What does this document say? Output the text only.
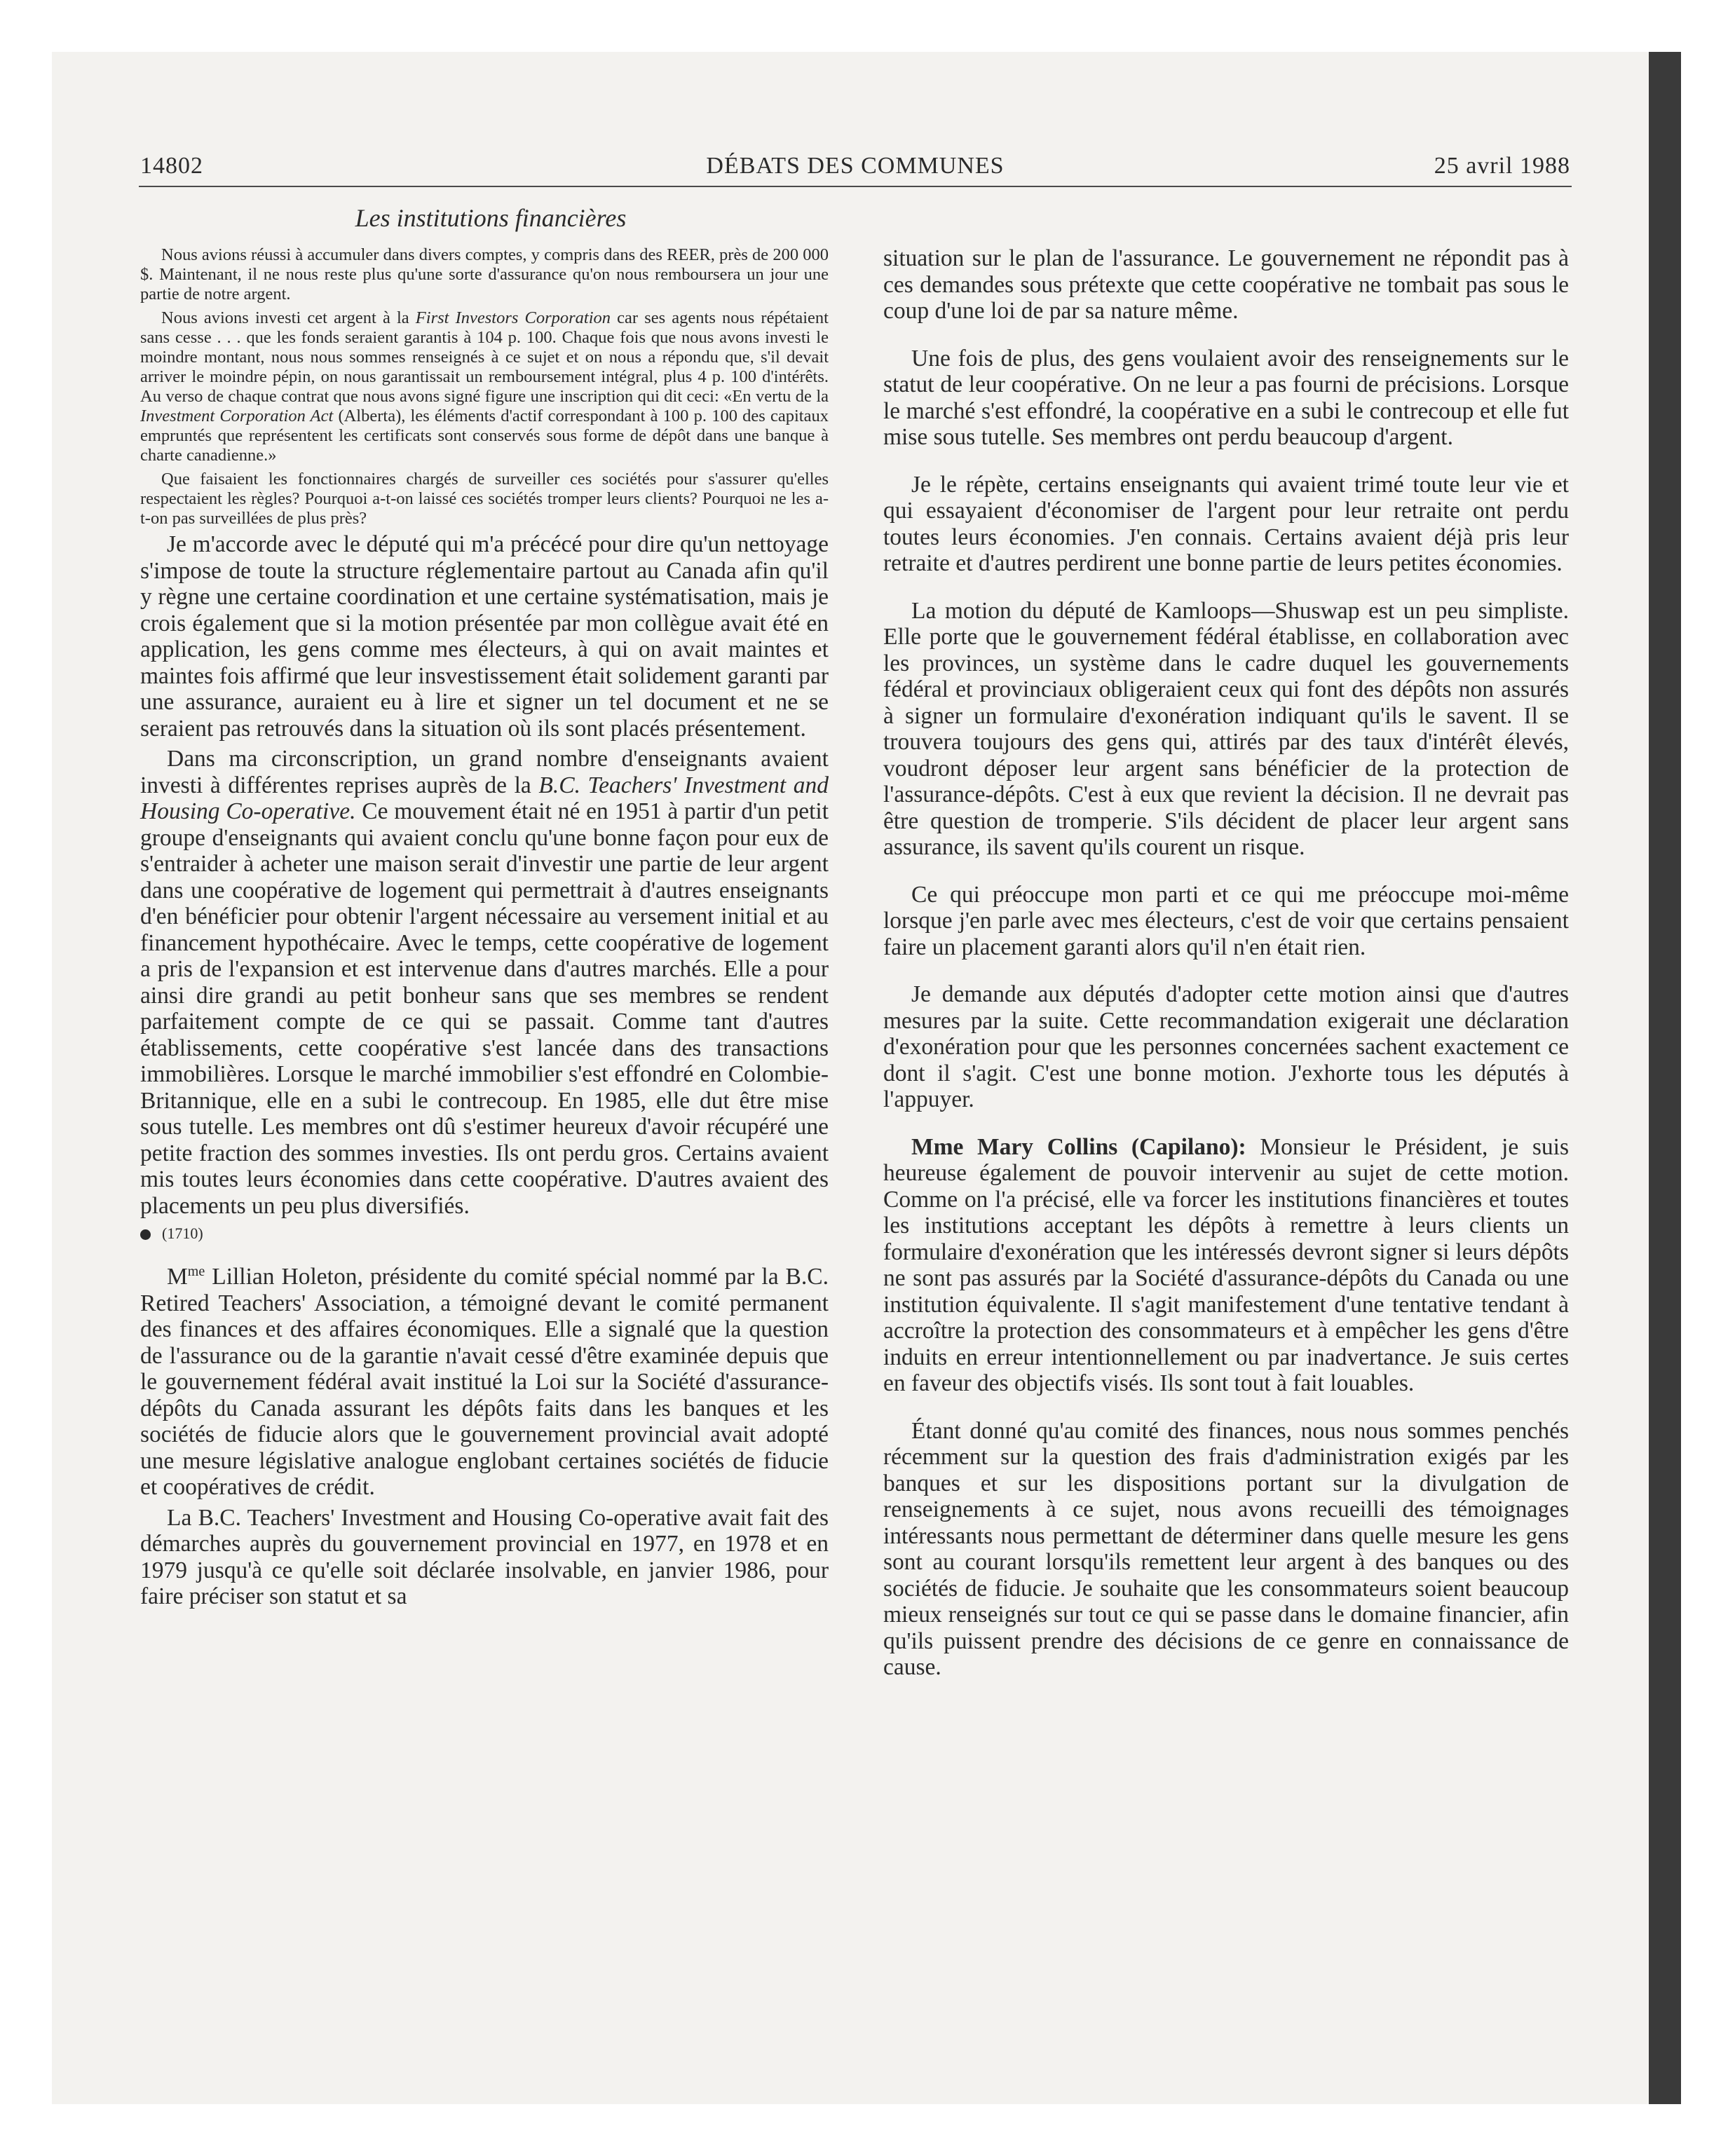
14802	DÉBATS DES COMMUNES	25 avril 1988
Les institutions financières

Nous avions réussi à accumuler dans divers comptes, y compris dans des REER, près de 200 000 $. Maintenant, il ne nous reste plus qu'une sorte d'assurance qu'on nous remboursera un jour une partie de notre argent.

Nous avions investi cet argent à la First Investors Corporation car ses agents nous répétaient sans cesse . . . que les fonds seraient garantis à 104 p. 100. Chaque fois que nous avons investi le moindre montant, nous nous sommes renseignés à ce sujet et on nous a répondu que, s'il devait arriver le moindre pépin, on nous garantissait un remboursement intégral, plus 4 p. 100 d'intérêts. Au verso de chaque contrat que nous avons signé figure une inscription qui dit ceci: «En vertu de la Investment Corporation Act (Alberta), les éléments d'actif correspondant à 100 p. 100 des capitaux empruntés que représentent les certificats sont conservés sous forme de dépôt dans une banque à charte canadienne.»

Que faisaient les fonctionnaires chargés de surveiller ces sociétés pour s'assurer qu'elles respectaient les règles? Pourquoi a-t-on laissé ces sociétés tromper leurs clients? Pourquoi ne les a-t-on pas surveillées de plus près?

Je m'accorde avec le député qui m'a précécé pour dire qu'un nettoyage s'impose de toute la structure réglementaire partout au Canada afin qu'il y règne une certaine coordination et une certaine systématisation, mais je crois également que si la motion présentée par mon collègue avait été en application, les gens comme mes électeurs, à qui on avait maintes et maintes fois affirmé que leur insvestissement était solidement garanti par une assurance, auraient eu à lire et signer un tel document et ne se seraient pas retrouvés dans la situation où ils sont placés présentement.

Dans ma circonscription, un grand nombre d'enseignants avaient investi à différentes reprises auprès de la B.C. Teachers' Investment and Housing Co-operative. Ce mouvement était né en 1951 à partir d'un petit groupe d'enseignants qui avaient conclu qu'une bonne façon pour eux de s'entraider à acheter une maison serait d'investir une partie de leur argent dans une coopérative de logement qui permettrait à d'autres enseignants d'en bénéficier pour obtenir l'argent nécessaire au versement initial et au financement hypothécaire. Avec le temps, cette coopérative de logement a pris de l'expansion et est intervenue dans d'autres marchés. Elle a pour ainsi dire grandi au petit bonheur sans que ses membres se rendent parfaitement compte de ce qui se passait. Comme tant d'autres établissements, cette coopérative s'est lancée dans des transactions immobilières. Lorsque le marché immobilier s'est effondré en Colombie-Britannique, elle en a subi le contrecoup. En 1985, elle dut être mise sous tutelle. Les membres ont dû s'estimer heureux d'avoir récupéré une petite fraction des sommes investies. Ils ont perdu gros. Certains avaient mis toutes leurs économies dans cette coopérative. D'autres avaient des placements un peu plus diversifiés.

(1710)

$M^{me}$ Lillian Holeton, présidente du comité spécial nommé par la B.C. Retired Teachers' Association, a témoigné devant le comité permanent des finances et des affaires économiques. Elle a signalé que la question de l'assurance ou de la garantie n'avait cessé d'être examinée depuis que le gouvernement fédéral avait institué la Loi sur la Société d'assurance-dépôts du Canada assurant les dépôts faits dans les banques et les sociétés de fiducie alors que le gouvernement provincial avait adopté une mesure législative analogue englobant certaines sociétés de fiducie et coopératives de crédit.

La B.C. Teachers' Investment and Housing Co-operative avait fait des démarches auprès du gouvernement provincial en 1977, en 1978 et en 1979 jusqu'à ce qu'elle soit déclarée insolvable, en janvier 1986, pour faire préciser son statut et sa

situation sur le plan de l'assurance. Le gouvernement ne répondit pas à ces demandes sous prétexte que cette coopérative ne tombait pas sous le coup d'une loi de par sa nature même.

Une fois de plus, des gens voulaient avoir des renseignements sur le statut de leur coopérative. On ne leur a pas fourni de précisions. Lorsque le marché s'est effondré, la coopérative en a subi le contrecoup et elle fut mise sous tutelle. Ses membres ont perdu beaucoup d'argent.

Je le répète, certains enseignants qui avaient trimé toute leur vie et qui essayaient d'économiser de l'argent pour leur retraite ont perdu toutes leurs économies. J'en connais. Certains avaient déjà pris leur retraite et d'autres perdirent une bonne partie de leurs petites économies.

La motion du député de Kamloops—Shuswap est un peu simpliste. Elle porte que le gouvernement fédéral établisse, en collaboration avec les provinces, un système dans le cadre duquel les gouvernements fédéral et provinciaux obligeraient ceux qui font des dépôts non assurés à signer un formulaire d'exonération indiquant qu'ils le savent. Il se trouvera toujours des gens qui, attirés par des taux d'intérêt élevés, voudront déposer leur argent sans bénéficier de la protection de l'assurance-dépôts. C'est à eux que revient la décision. Il ne devrait pas être question de tromperie. S'ils décident de placer leur argent sans assurance, ils savent qu'ils courent un risque.

Ce qui préoccupe mon parti et ce qui me préoccupe moi-même lorsque j'en parle avec mes électeurs, c'est de voir que certains pensaient faire un placement garanti alors qu'il n'en était rien.

Je demande aux députés d'adopter cette motion ainsi que d'autres mesures par la suite. Cette recommandation exigerait une déclaration d'exonération pour que les personnes concernées sachent exactement ce dont il s'agit. C'est une bonne motion. J'exhorte tous les députés à l'appuyer.

Mme Mary Collins (Capilano): Monsieur le Président, je suis heureuse également de pouvoir intervenir au sujet de cette motion. Comme on l'a précisé, elle va forcer les institutions financières et toutes les institutions acceptant les dépôts à remettre à leurs clients un formulaire d'exonération que les intéressés devront signer si leurs dépôts ne sont pas assurés par la Société d'assurance-dépôts du Canada ou une institution équivalente. Il s'agit manifestement d'une tentative tendant à accroître la protection des consommateurs et à empêcher les gens d'être induits en erreur intentionnellement ou par inadvertance. Je suis certes en faveur des objectifs visés. Ils sont tout à fait louables.

Étant donné qu'au comité des finances, nous nous sommes penchés récemment sur la question des frais d'administration exigés par les banques et sur les dispositions portant sur la divulgation de renseignements à ce sujet, nous avons recueilli des témoignages intéressants nous permettant de déterminer dans quelle mesure les gens sont au courant lorsqu'ils remettent leur argent à des banques ou des sociétés de fiducie. Je souhaite que les consommateurs soient beaucoup mieux renseignés sur tout ce qui se passe dans le domaine financier, afin qu'ils puissent prendre des décisions de ce genre en connaissance de cause.
